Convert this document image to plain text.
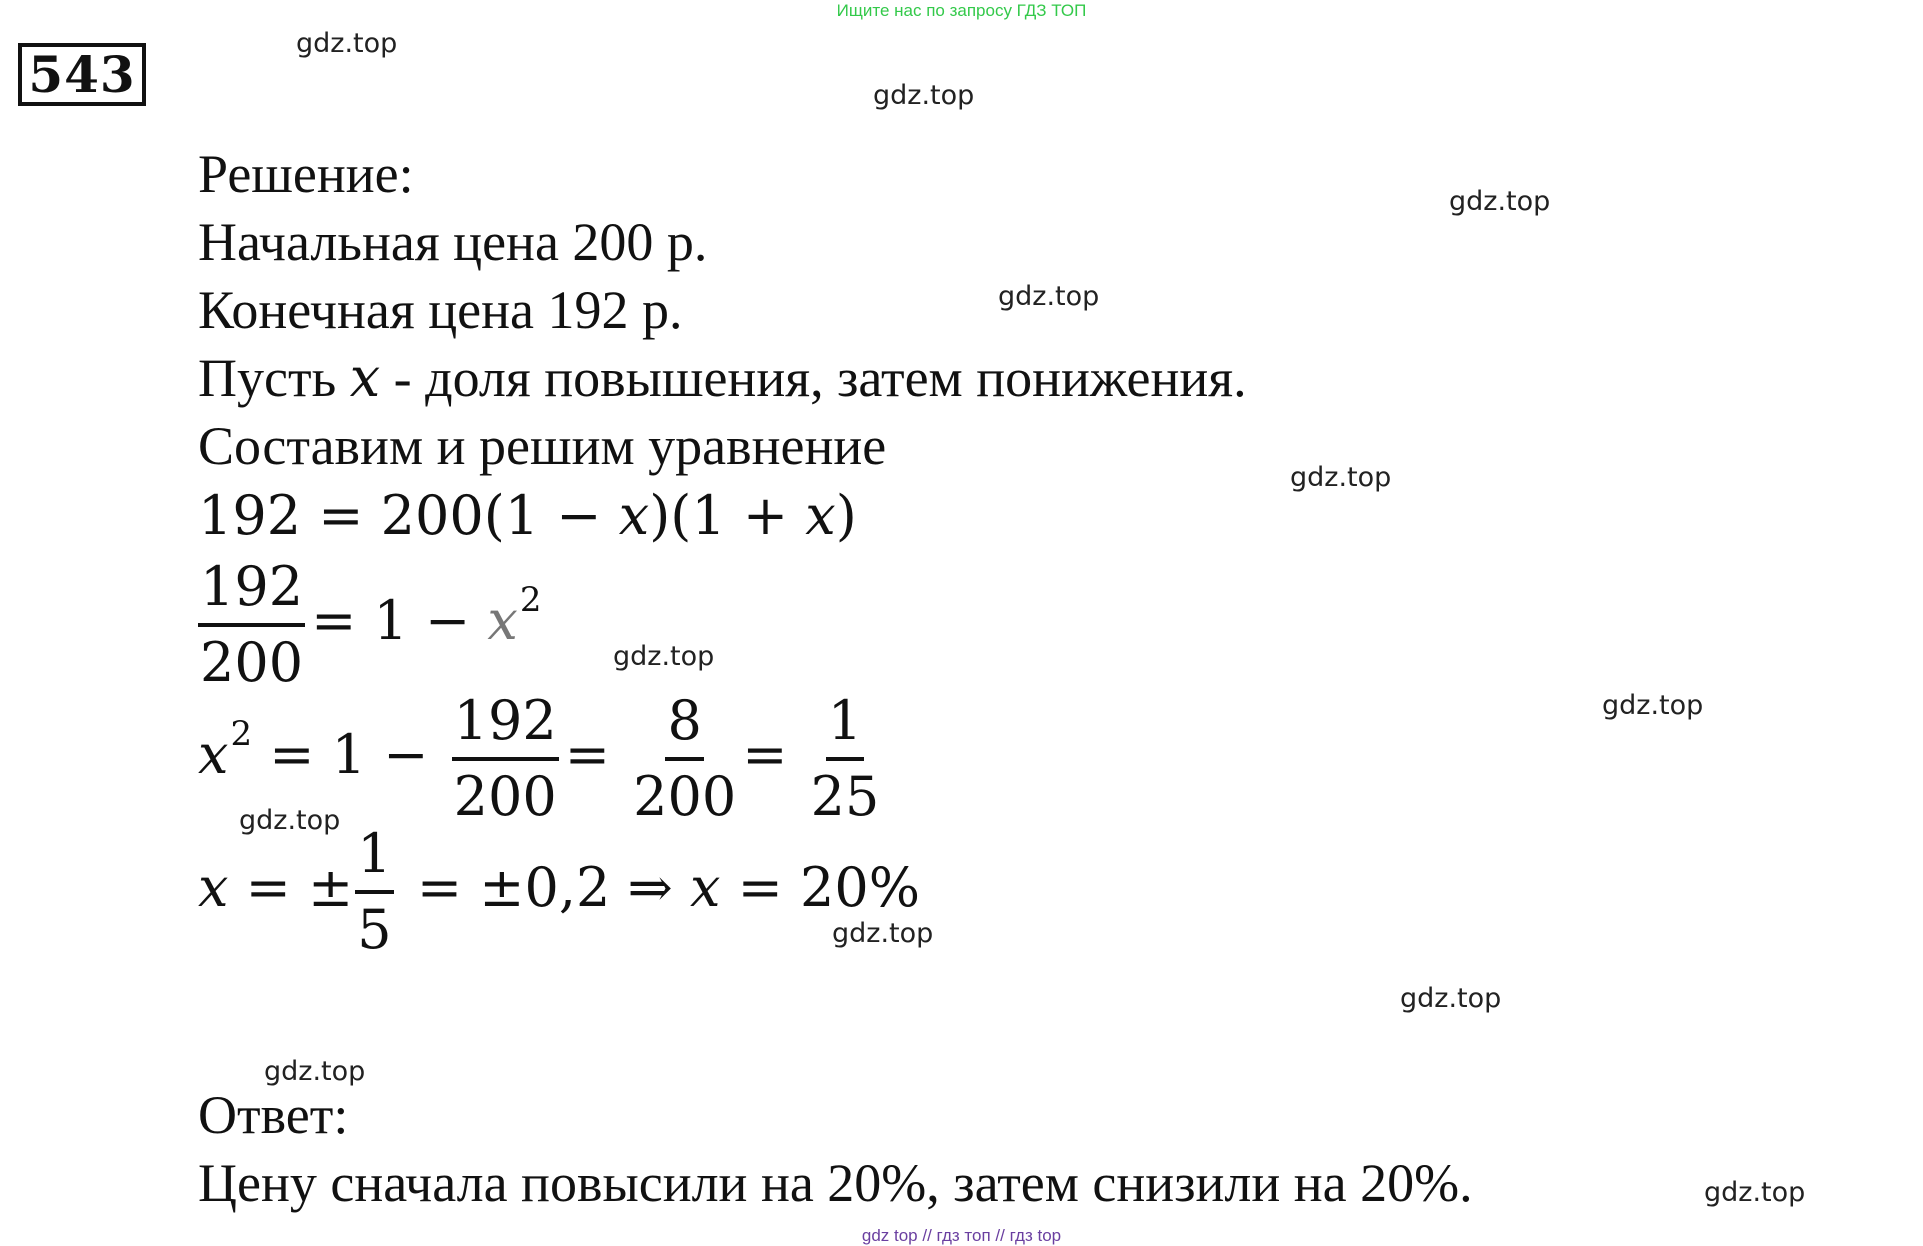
Ищите нас по запросу ГДЗ ТОП
543
gdz.top
gdz.top
gdz.top
gdz.top
gdz.top
gdz.top
gdz.top
gdz.top
gdz.top
gdz.top
gdz.top
gdz.top
Решение:
Начальная цена 200 р.
Конечная цена 192 р.
Пусть x - доля повышения, затем понижения.
Составим и решим уравнение
192 = 200(1 − x)(1 + x)
$\frac{192}{200} = 1 - x^2$
$x^2 = 1 - \frac{192}{200} = \frac{8}{200} = \frac{1}{25}$
x = ± $\frac{1}{5} = \pm 0,2$ ⇒ x = 20%
Ответ:
Цену сначала повысили на 20%, затем снизили на 20%.
gdz top // гдз топ // гдз top
